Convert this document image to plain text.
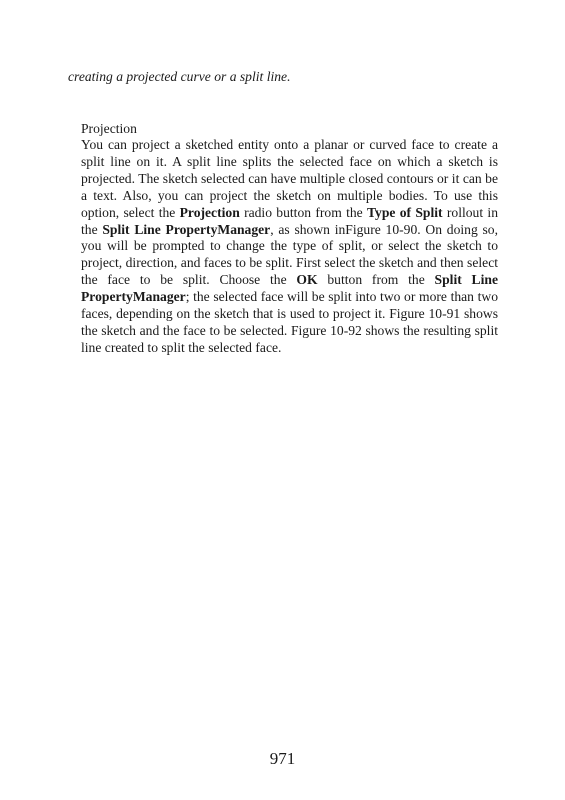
creating a projected curve or a split line.

Projection

You can project a sketched entity onto a planar or curved face to create a split line on it. A split line splits the selected face on which a sketch is projected. The sketch selected can have multiple closed contours or it can be a text. Also, you can project the sketch on multiple bodies. To use this option, select the Projection radio button from the Type of Split rollout in the Split Line PropertyManager, as shown inFigure 10-90. On doing so, you will be prompted to change the type of split, or select the sketch to project, direction, and faces to be split. First select the sketch and then select the face to be split. Choose the OK button from the Split Line PropertyManager; the selected face will be split into two or more than two faces, depending on the sketch that is used to project it. Figure 10-91 shows the sketch and the face to be selected. Figure 10-92 shows the resulting split line created to split the selected face.

971
